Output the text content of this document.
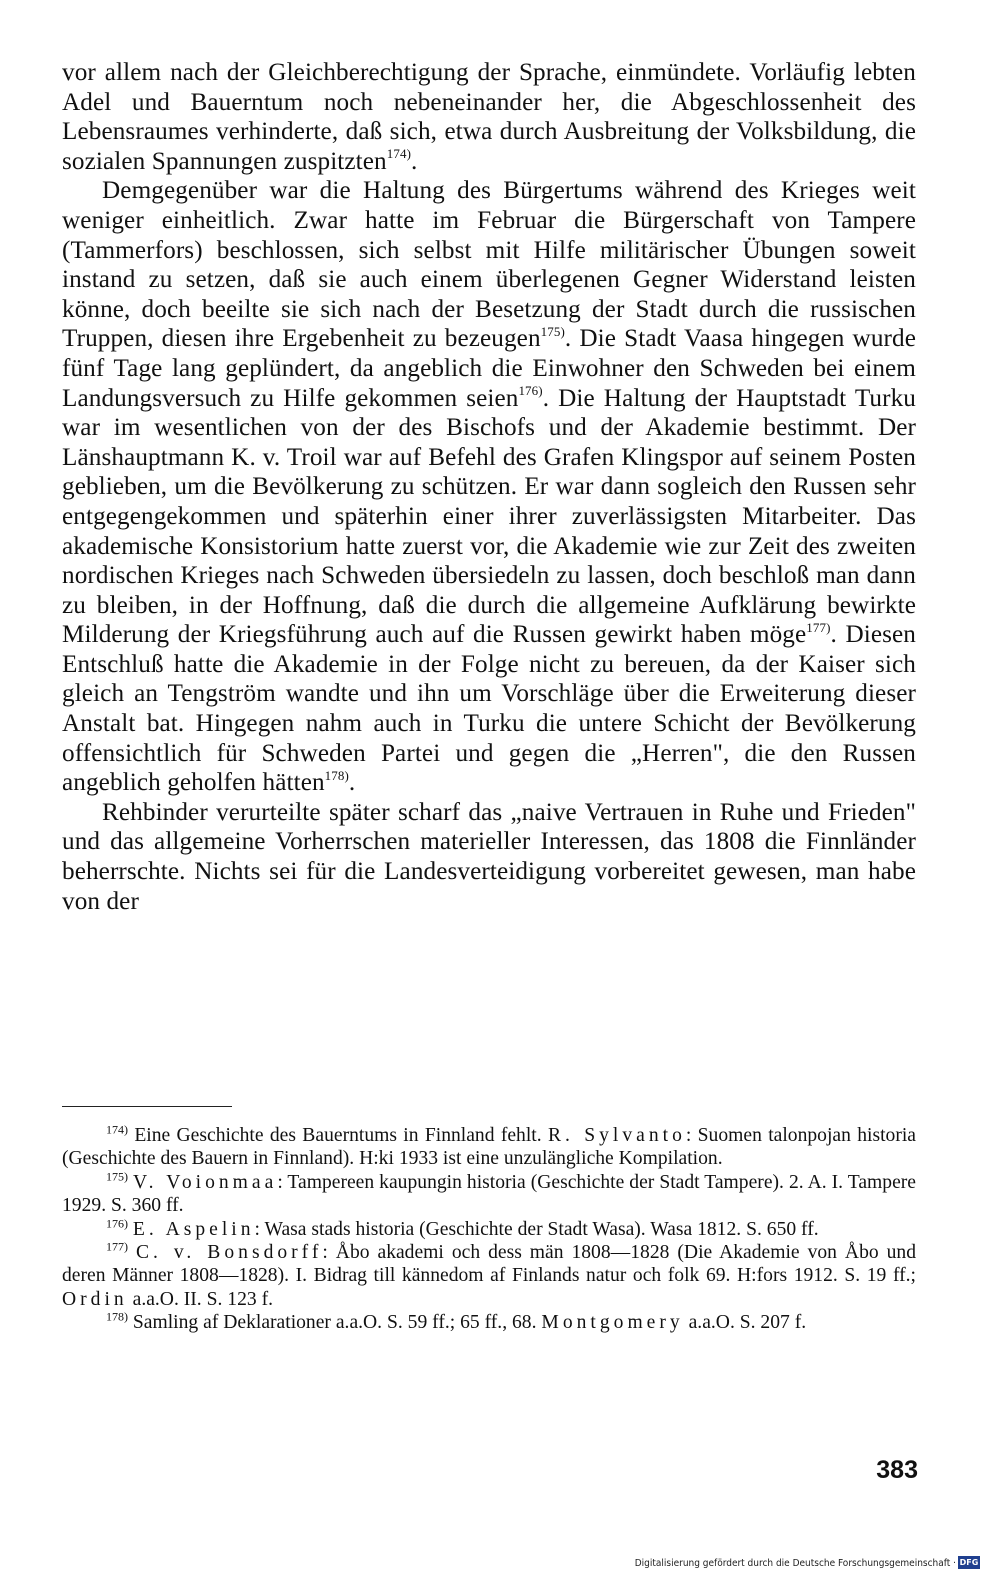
vor allem nach der Gleichberechtigung der Sprache, einmündete. Vorläufig lebten Adel und Bauerntum noch nebeneinander her, die Abgeschlossenheit des Lebensraumes verhinderte, daß sich, etwa durch Ausbreitung der Volksbildung, die sozialen Spannungen zuspitzten$^{174)}$.

Demgegenüber war die Haltung des Bürgertums während des Krieges weit weniger einheitlich. Zwar hatte im Februar die Bürgerschaft von Tampere (Tammerfors) beschlossen, sich selbst mit Hilfe militärischer Übungen soweit instand zu setzen, daß sie auch einem überlegenen Gegner Widerstand leisten könne, doch beeilte sie sich nach der Besetzung der Stadt durch die russischen Truppen, diesen ihre Ergebenheit zu bezeugen$^{175)}$. Die Stadt Vaasa hingegen wurde fünf Tage lang geplündert, da angeblich die Einwohner den Schweden bei einem Landungsversuch zu Hilfe gekommen seien$^{176)}$. Die Haltung der Hauptstadt Turku war im wesentlichen von der des Bischofs und der Akademie bestimmt. Der Länshauptmann K. v. Troil war auf Befehl des Grafen Klingspor auf seinem Posten geblieben, um die Bevölkerung zu schützen. Er war dann sogleich den Russen sehr entgegengekommen und späterhin einer ihrer zuverlässigsten Mitarbeiter. Das akademische Konsistorium hatte zuerst vor, die Akademie wie zur Zeit des zweiten nordischen Krieges nach Schweden übersiedeln zu lassen, doch beschloß man dann zu bleiben, in der Hoffnung, daß die durch die allgemeine Aufklärung bewirkte Milderung der Kriegsführung auch auf die Russen gewirkt haben möge$^{177)}$. Diesen Entschluß hatte die Akademie in der Folge nicht zu bereuen, da der Kaiser sich gleich an Tengström wandte und ihn um Vorschläge über die Erweiterung dieser Anstalt bat. Hingegen nahm auch in Turku die untere Schicht der Bevölkerung offensichtlich für Schweden Partei und gegen die „Herren", die den Russen angeblich geholfen hätten$^{178)}$.

Rehbinder verurteilte später scharf das „naive Vertrauen in Ruhe und Frieden" und das allgemeine Vorherrschen materieller Interessen, das 1808 die Finnländer beherrschte. Nichts sei für die Landesverteidigung vorbereitet gewesen, man habe von der

$^{174)}$ Eine Geschichte des Bauerntums in Finnland fehlt. R. Sylvanto: Suomen talonpojan historia (Geschichte des Bauern in Finnland). H:ki 1933 ist eine unzulängliche Kompilation.

$^{175)}$ V. Voionmaa: Tampereen kaupungin historia (Geschichte der Stadt Tampere). 2. A. I. Tampere 1929. S. 360 ff.

$^{176)}$ E. Aspelin: Wasa stads historia (Geschichte der Stadt Wasa). Wasa 1812. S. 650 ff.

$^{177)}$ C. v. Bonsdorff: Åbo akademi och dess män 1808—1828 (Die Akademie von Åbo und deren Männer 1808—1828). I. Bidrag till kännedom af Finlands natur och folk 69. H:fors 1912. S. 19 ff.; Ordin a.a.O. II. S. 123 f.

$^{178)}$ Samling af Deklarationer a.a.O. S. 59 ff.; 65 ff., 68. Montgomery a.a.O. S. 207 f.

383
Digitalisierung gefördert durch die Deutsche Forschungsgemeinschaft · DFG
